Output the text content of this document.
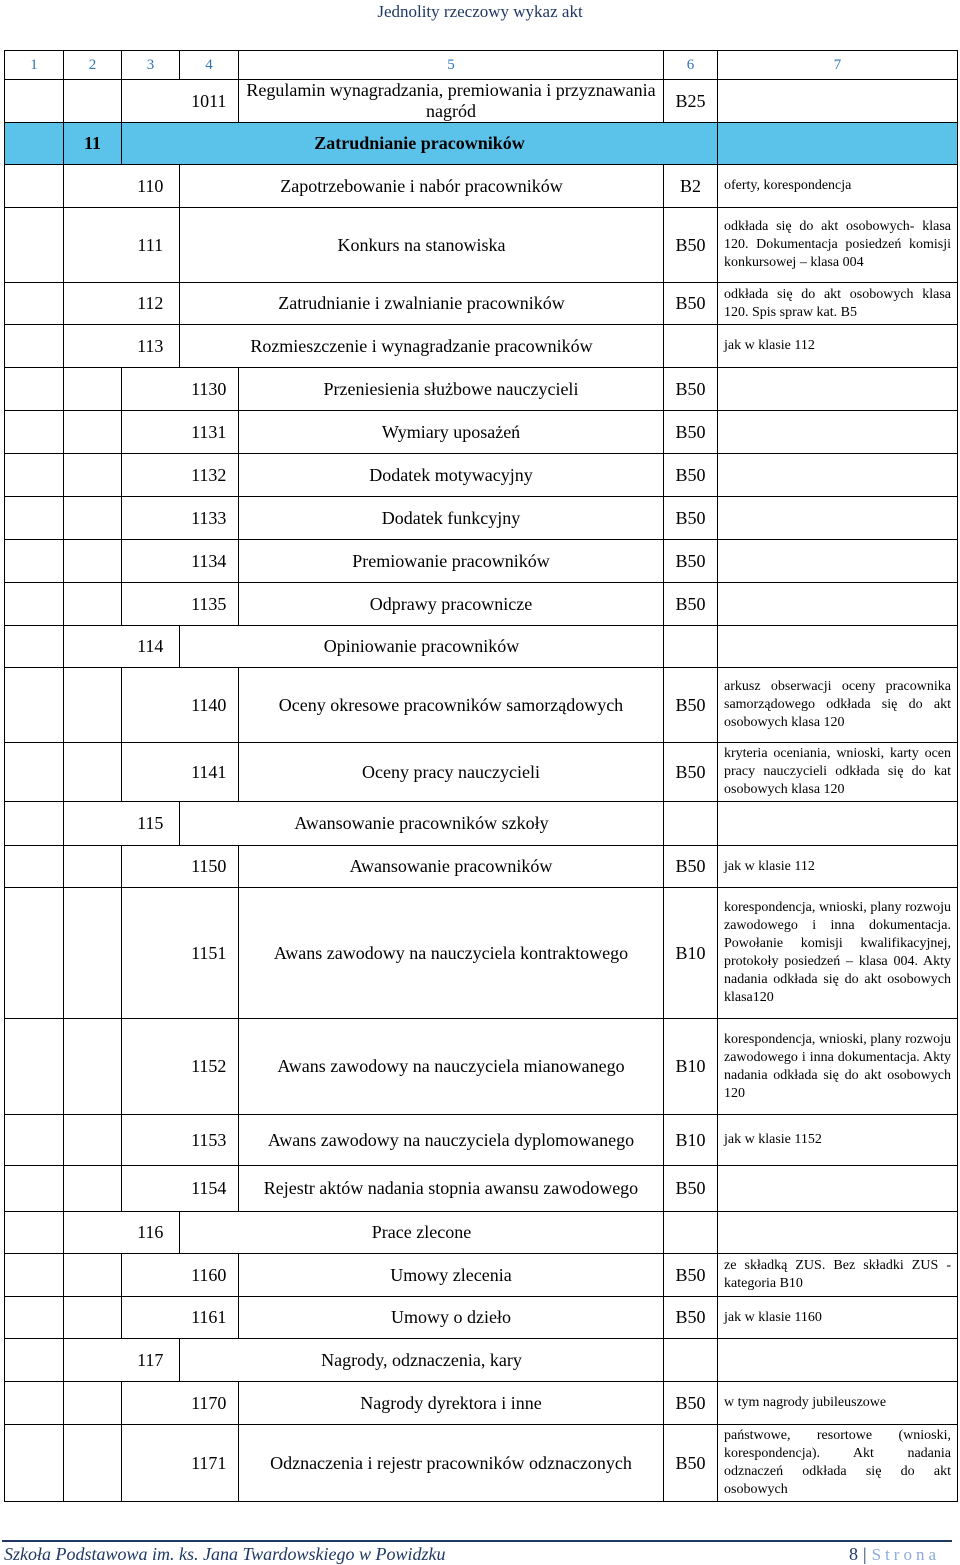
Jednolity rzeczowy wykaz akt
1	2	3	4	5	6	7
			1011	Regulamin wynagradzania, premiowania i przyznawania nagród	B25	
	11	Zatrudnianie pracowników				
		110	Zapotrzebowanie i nabór pracowników		B2	oferty, korespondencja
		111	Konkurs na stanowiska		B50	odkłada się do akt osobowych- klasa 120. Dokumentacja posiedzeń komisji konkursowej – klasa 004
		112	Zatrudnianie i zwalnianie pracowników		B50	odkłada się do akt osobowych klasa 120. Spis spraw kat. B5
		113	Rozmieszczenie i wynagradzanie pracowników			jak w klasie 112
			1130	Przeniesienia służbowe nauczycieli	B50	
			1131	Wymiary uposażeń	B50	
			1132	Dodatek motywacyjny	B50	
			1133	Dodatek funkcyjny	B50	
			1134	Premiowanie pracowników	B50	
			1135	Odprawy pracownicze	B50	
		114	Opiniowanie pracowników			
			1140	Oceny okresowe pracowników samorządowych	B50	arkusz obserwacji oceny pracownika samorządowego odkłada się do akt osobowych klasa 120
			1141	Oceny pracy nauczycieli	B50	kryteria oceniania, wnioski, karty ocen pracy nauczycieli odkłada się do kat osobowych klasa 120
		115	Awansowanie pracowników szkoły			
			1150	Awansowanie pracowników	B50	jak w klasie 112
			1151	Awans zawodowy na nauczyciela kontraktowego	B10	korespondencja, wnioski, plany rozwoju zawodowego i inna dokumentacja. Powołanie komisji kwalifikacyjnej, protokoły posiedzeń – klasa 004. Akty nadania odkłada się do akt osobowych klasa120
			1152	Awans zawodowy na nauczyciela mianowanego	B10	korespondencja, wnioski, plany rozwoju zawodowego i inna dokumentacja. Akty nadania odkłada się do akt osobowych 120
			1153	Awans zawodowy na nauczyciela dyplomowanego	B10	jak w klasie 1152
			1154	Rejestr aktów nadania stopnia awansu zawodowego	B50	
		116	Prace zlecone			
			1160	Umowy zlecenia	B50	ze składką ZUS. Bez składki ZUS - kategoria B10
			1161	Umowy o dzieło	B50	jak w klasie 1160
		117	Nagrody, odznaczenia, kary			
			1170	Nagrody dyrektora i inne	B50	w tym nagrody jubileuszowe
			1171	Odznaczenia i rejestr pracowników odznaczonych	B50	państwowe, resortowe (wnioski, korespondencja). Akt nadania odznaczeń odkłada się do akt osobowych
Szkoła Podstawowa im. ks. Jana Twardowskiego w Powidzku	8 | Strona
